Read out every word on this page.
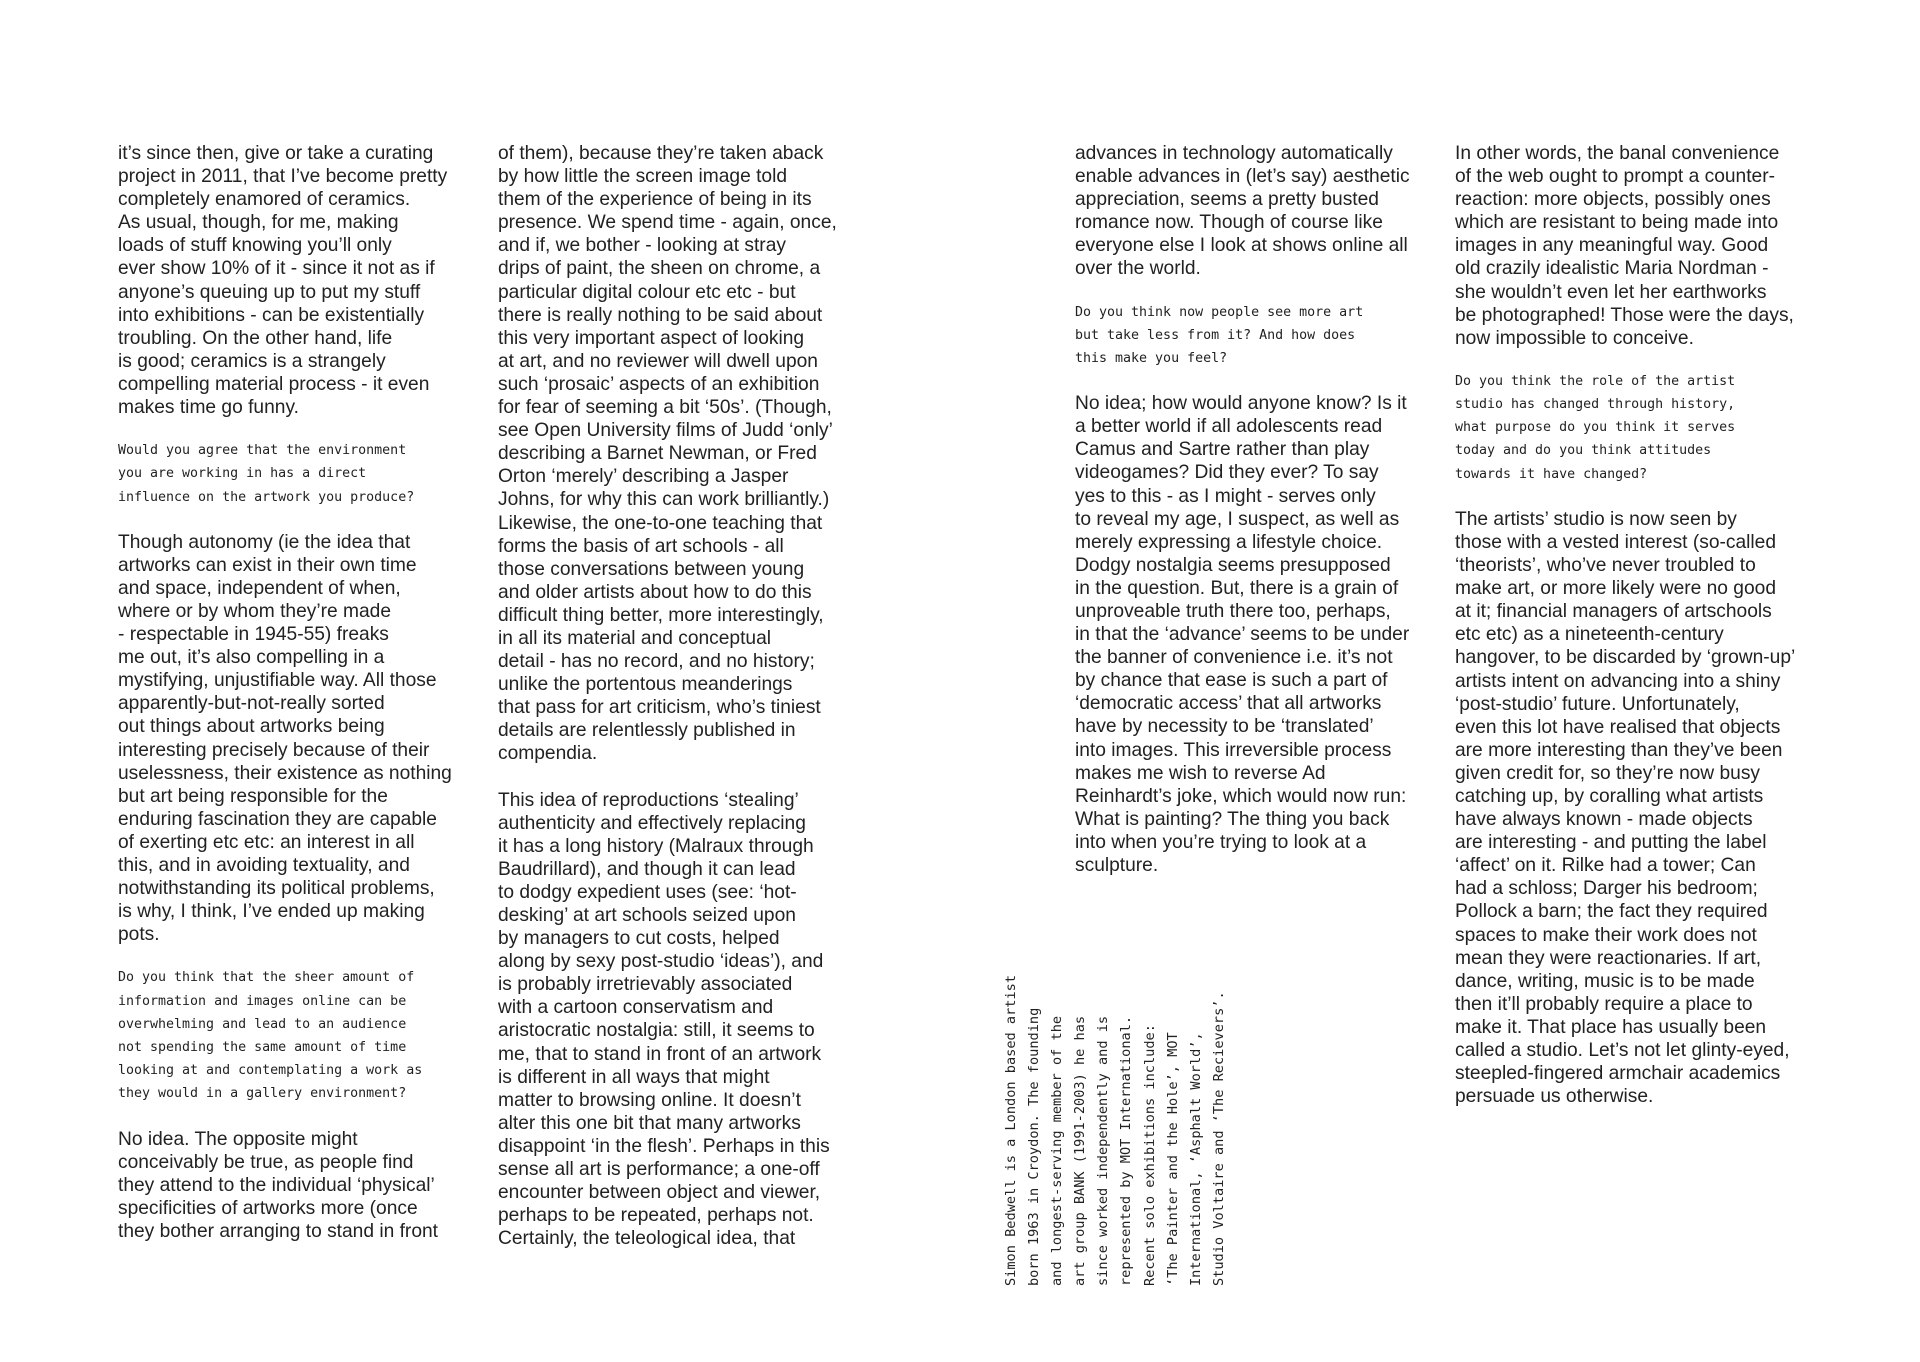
it’s since then, give or take a curating
project in 2011, that I’ve become pretty
completely enamored of ceramics.
As usual, though, for me, making
loads of stuff knowing you’ll only
ever show 10% of it - since it not as if
anyone’s queuing up to put my stuff
into exhibitions - can be existentially
troubling. On the other hand, life
is good; ceramics is a strangely
compelling material process - it even
makes time go funny.

Would you agree that the environment
you are working in has a direct
influence on the artwork you produce?

Though autonomy (ie the idea that
artworks can exist in their own time
and space, independent of when,
where or by whom they’re made
- respectable in 1945-55) freaks
me out, it’s also compelling in a
mystifying, unjustifiable way. All those
apparently-but-not-really sorted
out things about artworks being
interesting precisely because of their
uselessness, their existence as nothing
but art being responsible for the
enduring fascination they are capable
of exerting etc etc: an interest in all
this, and in avoiding textuality, and
notwithstanding its political problems,
is why, I think, I’ve ended up making
pots.

Do you think that the sheer amount of
information and images online can be
overwhelming and lead to an audience
not spending the same amount of time
looking at and contemplating a work as
they would in a gallery environment?

No idea. The opposite might
conceivably be true, as people find
they attend to the individual ‘physical’
specificities of artworks more (once
they bother arranging to stand in front

of them), because they’re taken aback
by how little the screen image told
them of the experience of being in its
presence. We spend time - again, once,
and if, we bother - looking at stray
drips of paint, the sheen on chrome, a
particular digital colour etc etc - but
there is really nothing to be said about
this very important aspect of looking
at art, and no reviewer will dwell upon
such ‘prosaic’ aspects of an exhibition
for fear of seeming a bit ‘50s’. (Though,
see Open University films of Judd ‘only’
describing a Barnet Newman, or Fred
Orton ‘merely’ describing a Jasper
Johns, for why this can work brilliantly.)
Likewise, the one-to-one teaching that
forms the basis of art schools - all
those conversations between young
and older artists about how to do this
difficult thing better, more interestingly,
in all its material and conceptual
detail - has no record, and no history;
unlike the portentous meanderings
that pass for art criticism, who’s tiniest
details are relentlessly published in
compendia.

This idea of reproductions ‘stealing’
authenticity and effectively replacing
it has a long history (Malraux through
Baudrillard), and though it can lead
to dodgy expedient uses (see: ‘hot-
desking’ at art schools seized upon
by managers to cut costs, helped
along by sexy post-studio ‘ideas’), and
is probably irretrievably associated
with a cartoon conservatism and
aristocratic nostalgia: still, it seems to
me, that to stand in front of an artwork
is different in all ways that might
matter to browsing online. It doesn’t
alter this one bit that many artworks
disappoint ‘in the flesh’. Perhaps in this
sense all art is performance; a one-off
encounter between object and viewer,
perhaps to be repeated, perhaps not.
Certainly, the teleological idea, that

Simon Bedwell is a London based artist
born 1963 in Croydon. The founding
and longest-serving member of the
art group BANK (1991-2003) he has
since worked independently and is
represented by MOT International.
Recent solo exhibitions include:
‘The Painter and the Hole’, MOT
International, ‘Asphalt World’,
Studio Voltaire and ‘The Recievers’.

advances in technology automatically
enable advances in (let’s say) aesthetic
appreciation, seems a pretty busted
romance now. Though of course like
everyone else I look at shows online all
over the world.

Do you think now people see more art
but take less from it? And how does
this make you feel?

No idea; how would anyone know? Is it
a better world if all adolescents read
Camus and Sartre rather than play
videogames? Did they ever? To say
yes to this - as I might - serves only
to reveal my age, I suspect, as well as
merely expressing a lifestyle choice.
Dodgy nostalgia seems presupposed
in the question. But, there is a grain of
unproveable truth there too, perhaps,
in that the ‘advance’ seems to be under
the banner of convenience i.e. it’s not
by chance that ease is such a part of
‘democratic access’ that all artworks
have by necessity to be ‘translated’
into images. This irreversible process
makes me wish to reverse Ad
Reinhardt’s joke, which would now run:
What is painting? The thing you back
into when you’re trying to look at a
sculpture.

In other words, the banal convenience
of the web ought to prompt a counter-
reaction: more objects, possibly ones
which are resistant to being made into
images in any meaningful way. Good
old crazily idealistic Maria Nordman -
she wouldn’t even let her earthworks
be photographed! Those were the days,
now impossible to conceive.

Do you think the role of the artist
studio has changed through history,
what purpose do you think it serves
today and do you think attitudes
towards it have changed?

The artists’ studio is now seen by
those with a vested interest (so-called
‘theorists’, who’ve never troubled to
make art, or more likely were no good
at it; financial managers of artschools
etc etc) as a nineteenth-century
hangover, to be discarded by ‘grown-up’
artists intent on advancing into a shiny
‘post-studio’ future. Unfortunately,
even this lot have realised that objects
are more interesting than they’ve been
given credit for, so they’re now busy
catching up, by coralling what artists
have always known - made objects
are interesting - and putting the label
‘affect’ on it. Rilke had a tower; Can
had a schloss; Darger his bedroom;
Pollock a barn; the fact they required
spaces to make their work does not
mean they were reactionaries. If art,
dance, writing, music is to be made
then it’ll probably require a place to
make it. That place has usually been
called a studio. Let’s not let glinty-eyed,
steepled-fingered armchair academics
persuade us otherwise.
